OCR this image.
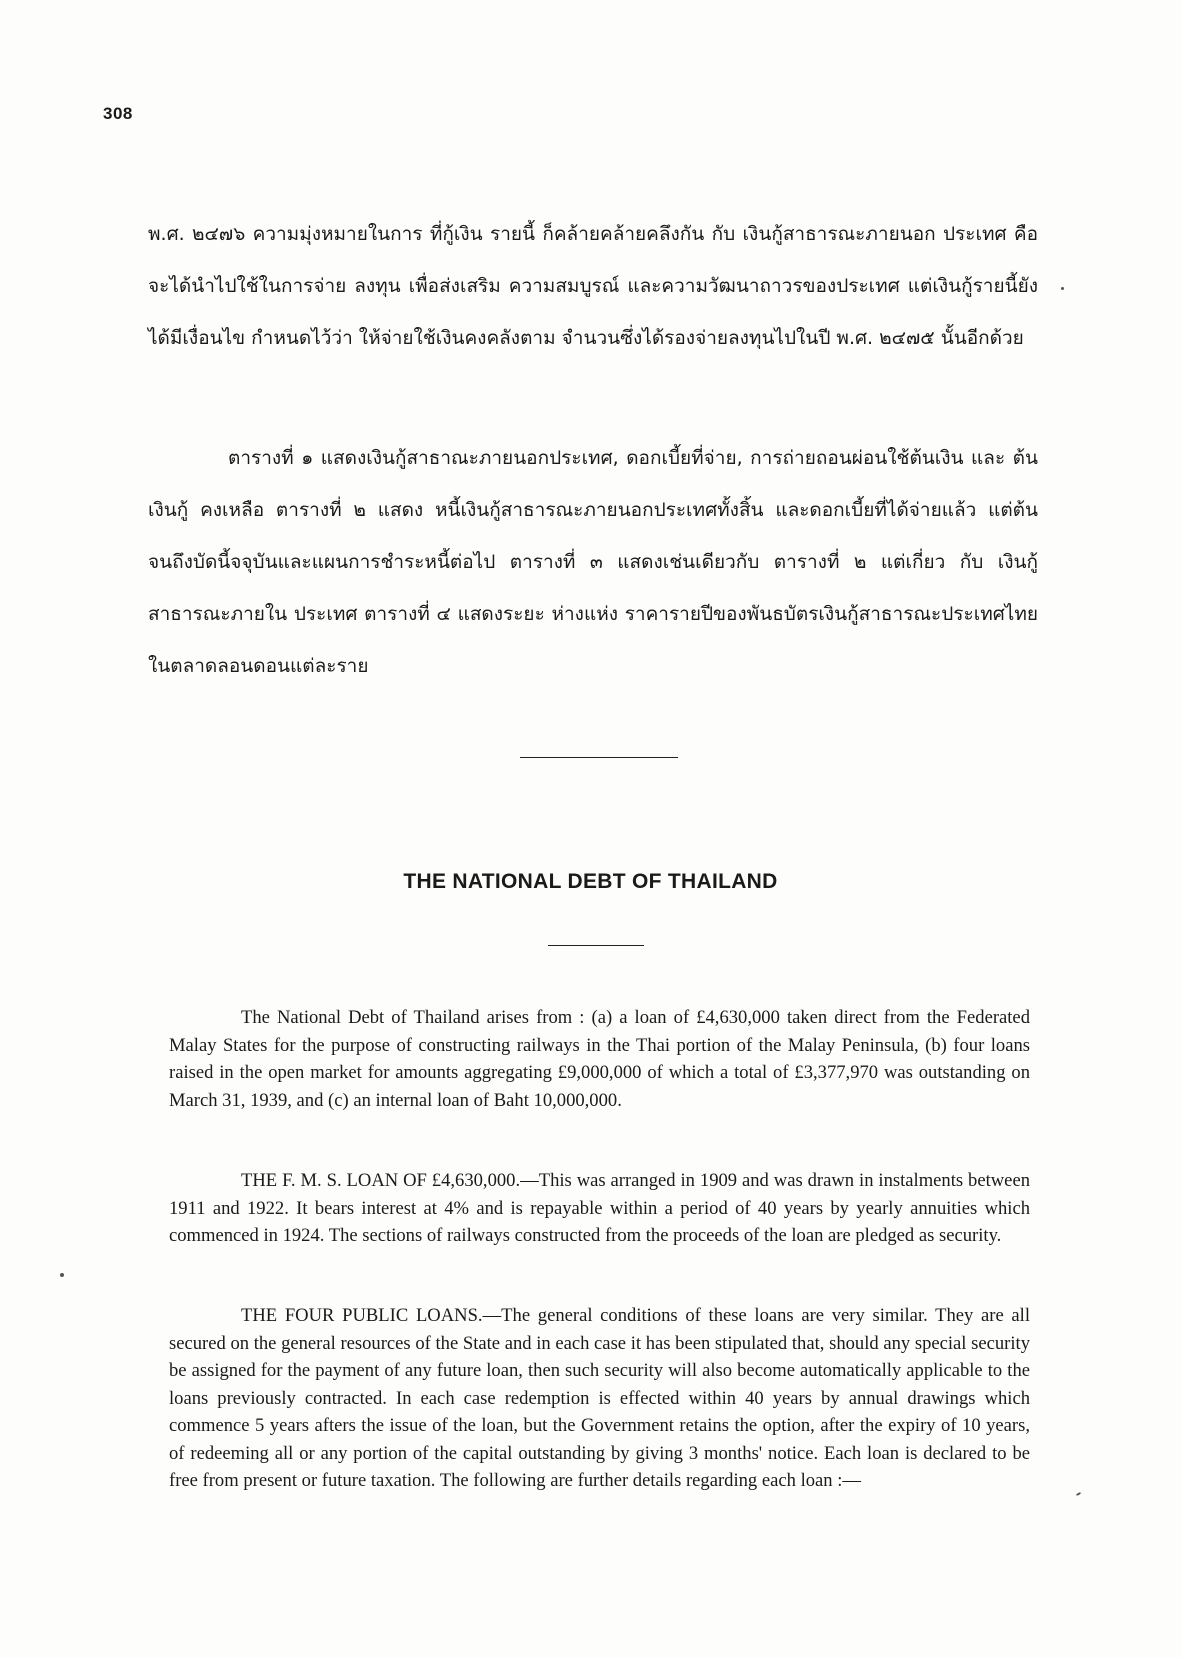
308
พ.ศ. ๒๔๗๖ ความมุ่งหมายในการ ที่กู้เงิน รายนี้ ก็คล้ายคล้ายคลึงกัน กับ เงินกู้สาธารณะภายนอก ประเทศ คือ จะได้นำไปใช้ในการจ่าย ลงทุน เพื่อส่งเสริม ความสมบูรณ์ และความวัฒนาถาวรของประเทศ แต่เงินกู้รายนี้ยังได้มีเงื่อนไข กำหนดไว้ว่า ให้จ่ายใช้เงินคงคลังตาม จำนวนซึ่งได้รองจ่ายลงทุนไปในปี พ.ศ. ๒๔๗๕ นั้นอีกด้วย
ตารางที่ ๑ แสดงเงินกู้สาธาณะภายนอกประเทศ, ดอกเบี้ยที่จ่าย, การถ่ายถอนผ่อนใช้ต้นเงิน และ ต้นเงินกู้ คงเหลือ ตารางที่ ๒ แสดง หนี้เงินกู้สาธารณะภายนอกประเทศทั้งสิ้น และดอกเบี้ยที่ได้จ่ายแล้ว แต่ต้นจนถึงบัดนี้จจุบันและแผนการชำระหนี้ต่อไป ตารางที่ ๓ แสดงเช่นเดียวกับ ตารางที่ ๒ แต่เกี่ยว กับ เงินกู้สาธารณะภายใน ประเทศ ตารางที่ ๔ แสดงระยะ ห่างแห่ง ราคารายปีของพันธบัตรเงินกู้สาธารณะประเทศไทยในตลาดลอนดอนแต่ละราย
THE NATIONAL DEBT OF THAILAND

The National Debt of Thailand arises from : (a) a loan of £4,630,000 taken direct from the Federated Malay States for the purpose of constructing railways in the Thai portion of the Malay Peninsula, (b) four loans raised in the open market for amounts aggregating £9,000,000 of which a total of £3,377,970 was outstanding on March 31, 1939, and (c) an internal loan of Baht 10,000,000.

THE F. M. S. LOAN OF £4,630,000.—This was arranged in 1909 and was drawn in instalments between 1911 and 1922. It bears interest at 4% and is repayable within a period of 40 years by yearly annuities which commenced in 1924. The sections of railways constructed from the proceeds of the loan are pledged as security.

THE FOUR PUBLIC LOANS.—The general conditions of these loans are very similar. They are all secured on the general resources of the State and in each case it has been stipulated that, should any special security be assigned for the payment of any future loan, then such security will also become automatically applicable to the loans previously contracted. In each case redemption is effected within 40 years by annual drawings which commence 5 years afters the issue of the loan, but the Government retains the option, after the expiry of 10 years, of redeeming all or any portion of the capital outstanding by giving 3 months' notice. Each loan is declared to be free from present or future taxation. The following are further details regarding each loan :—
